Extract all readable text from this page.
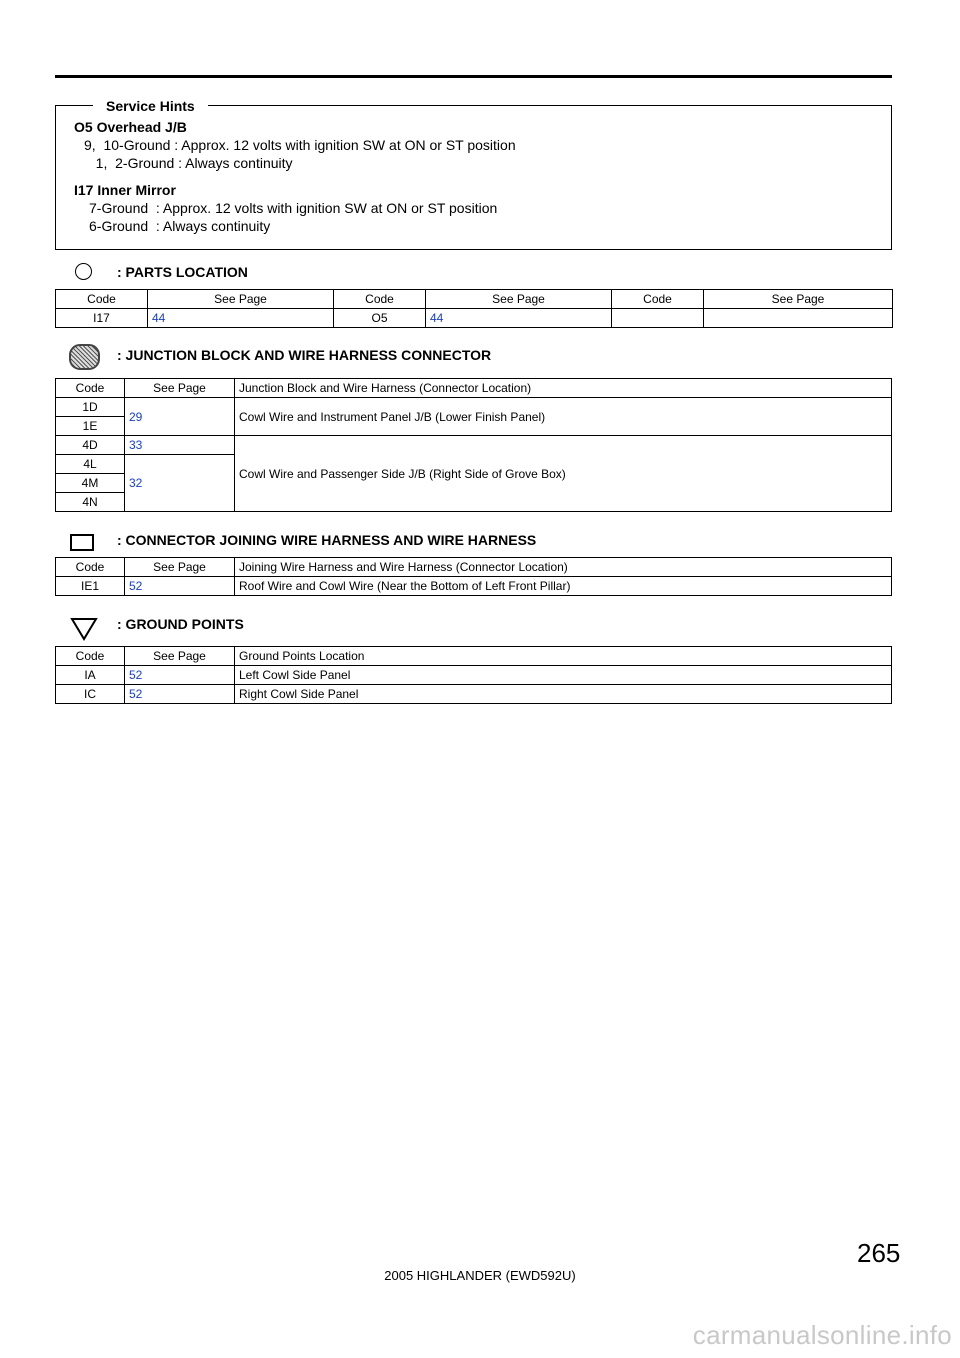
Service Hints
O5 Overhead J/B
9,  10-Ground : Approx. 12 volts with ignition SW at ON or ST position
1,  2-Ground : Always continuity
I17 Inner Mirror
7-Ground  : Approx. 12 volts with ignition SW at ON or ST position
6-Ground  : Always continuity
: PARTS LOCATION
Code	See Page	Code	See Page	Code	See Page
I17	44	O5	44		
: JUNCTION BLOCK AND WIRE HARNESS CONNECTOR
Code	See Page	Junction Block and Wire Harness (Connector Location)
1D	29	Cowl Wire and Instrument Panel J/B (Lower Finish Panel)
1E		
4D	33	Cowl Wire and Passenger Side J/B (Right Side of Grove Box)
4L	32	
4M		
4N		
: CONNECTOR JOINING WIRE HARNESS AND WIRE HARNESS
Code	See Page	Joining Wire Harness and Wire Harness (Connector Location)
IE1	52	Roof Wire and Cowl Wire (Near the Bottom of Left Front Pillar)
: GROUND POINTS
Code	See Page	Ground Points Location
IA	52	Left Cowl Side Panel
IC	52	Right Cowl Side Panel
265
2005 HIGHLANDER (EWD592U)
carmanualsonline.info
